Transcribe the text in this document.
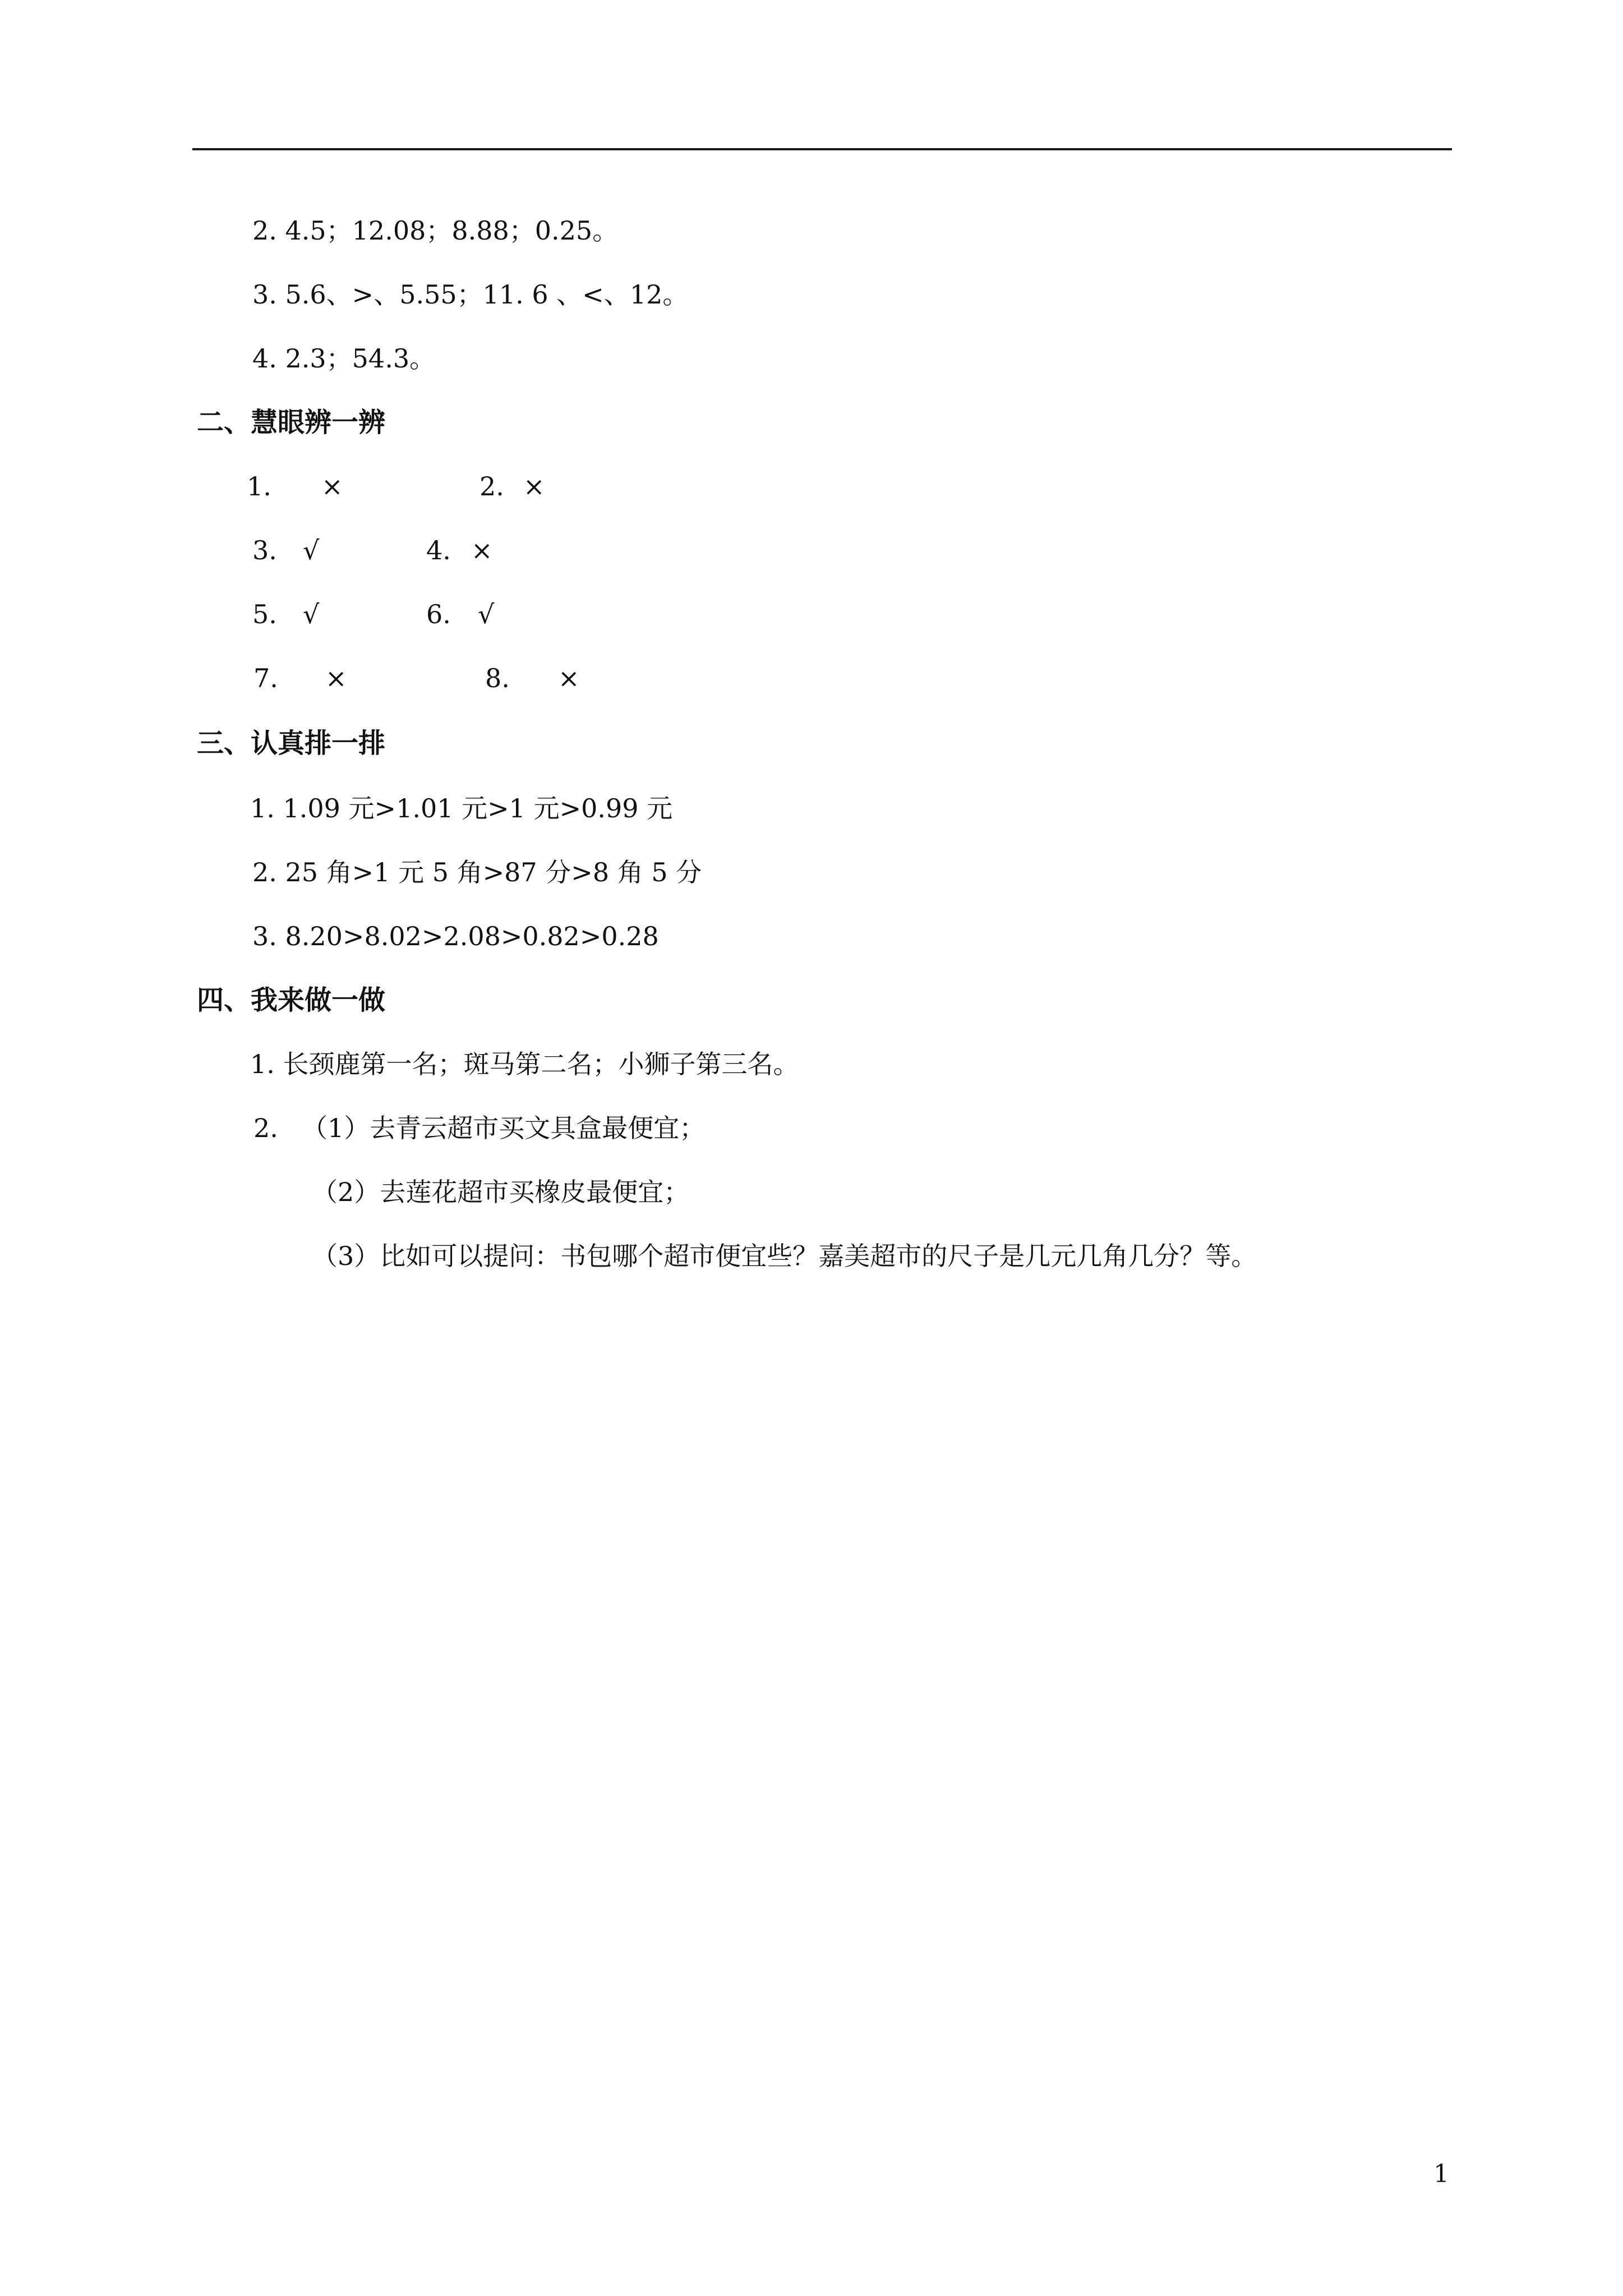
2. 4.5；12.08；8.88；0.25。
3. 5.6、>、5.55；11. 6 、<、12。
4. 2.3；54.3。
二、慧眼辨一辨
1. ×	2. ×
3. √	4. ×
5. √	6. √
7. ×	8. ×
三、认真排一排
1. 1.09 元>1.01 元>1 元>0.99 元
2. 25 角>1 元 5 角>87 分>8 角 5 分
3. 8.20>8.02>2.08>0.82>0.28
四、我来做一做
1. 长颈鹿第一名；斑马第二名；小狮子第三名。
2. （1）去青云超市买文具盒最便宜；
（2）去莲花超市买橡皮最便宜；
（3）比如可以提问：书包哪个超市便宜些？嘉美超市的尺子是几元几角几分？等。
1
